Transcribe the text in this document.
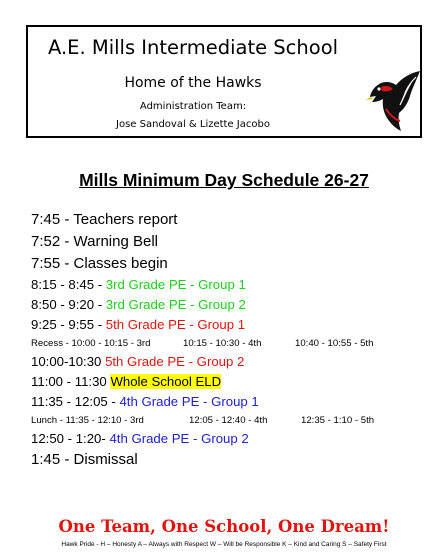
A.E. Mills Intermediate School
Home of the Hawks
Administration Team:
Jose Sandoval & Lizette Jacobo
Mills Minimum Day Schedule 26-27
7:45 - Teachers report
7:52 - Warning Bell
7:55 - Classes begin
8:15 - 8:45 - 3rd Grade PE - Group 1
8:50 - 9:20 - 3rd Grade PE - Group 2
9:25 - 9:55 - 5th Grade PE - Group 1
Recess - 10:00 - 10:15 - 3rd	10:15 - 10:30 - 4th	10:40 - 10:55 - 5th
10:00-10:30 5th Grade PE - Group 2
11:00 - 11:30 Whole School ELD
11:35 - 12:05 - 4th Grade PE - Group 1
Lunch - 11:35 - 12:10 - 3rd	12:05 - 12:40 - 4th	12:35 - 1:10 - 5th
12:50 - 1:20- 4th Grade PE - Group 2
1:45 - Dismissal
One Team, One School, One Dream!
Hawk Pride - H – Honesty A – Always with Respect W – Will be Responsible K – Kind and Caring S – Safety First
